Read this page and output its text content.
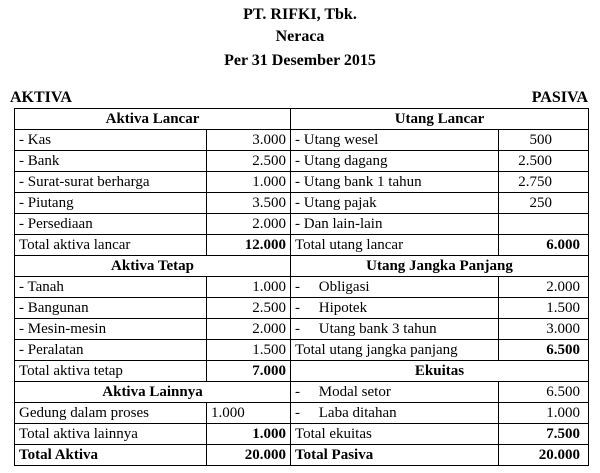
PT. RIFKI, Tbk.
Neraca
Per 31 Desember 2015
AKTIVA	PASIVA
Aktiva Lancar		Utang Lancar	
- Kas	3.000	- Utang wesel	500
- Bank	2.500	- Utang dagang	2.500
- Surat-surat berharga	1.000	- Utang bank 1 tahun	2.750
- Piutang	3.500	- Utang pajak	250
- Persediaan	2.000	- Dan lain-lain	
Total aktiva lancar	12.000	Total utang lancar	6.000
Aktiva Tetap		Utang Jangka Panjang	
- Tanah	1.000	-     Obligasi	2.000
- Bangunan	2.500	-     Hipotek	1.500
- Mesin-mesin	2.000	-     Utang bank 3 tahun	3.000
- Peralatan	1.500	Total utang jangka panjang	6.500
Total aktiva tetap	7.000	Ekuitas	
Aktiva Lainnya		-     Modal setor	6.500
Gedung dalam proses	1.000	-     Laba ditahan	1.000
Total aktiva lainnya	1.000	Total ekuitas	7.500
Total Aktiva	20.000	Total Pasiva	20.000
